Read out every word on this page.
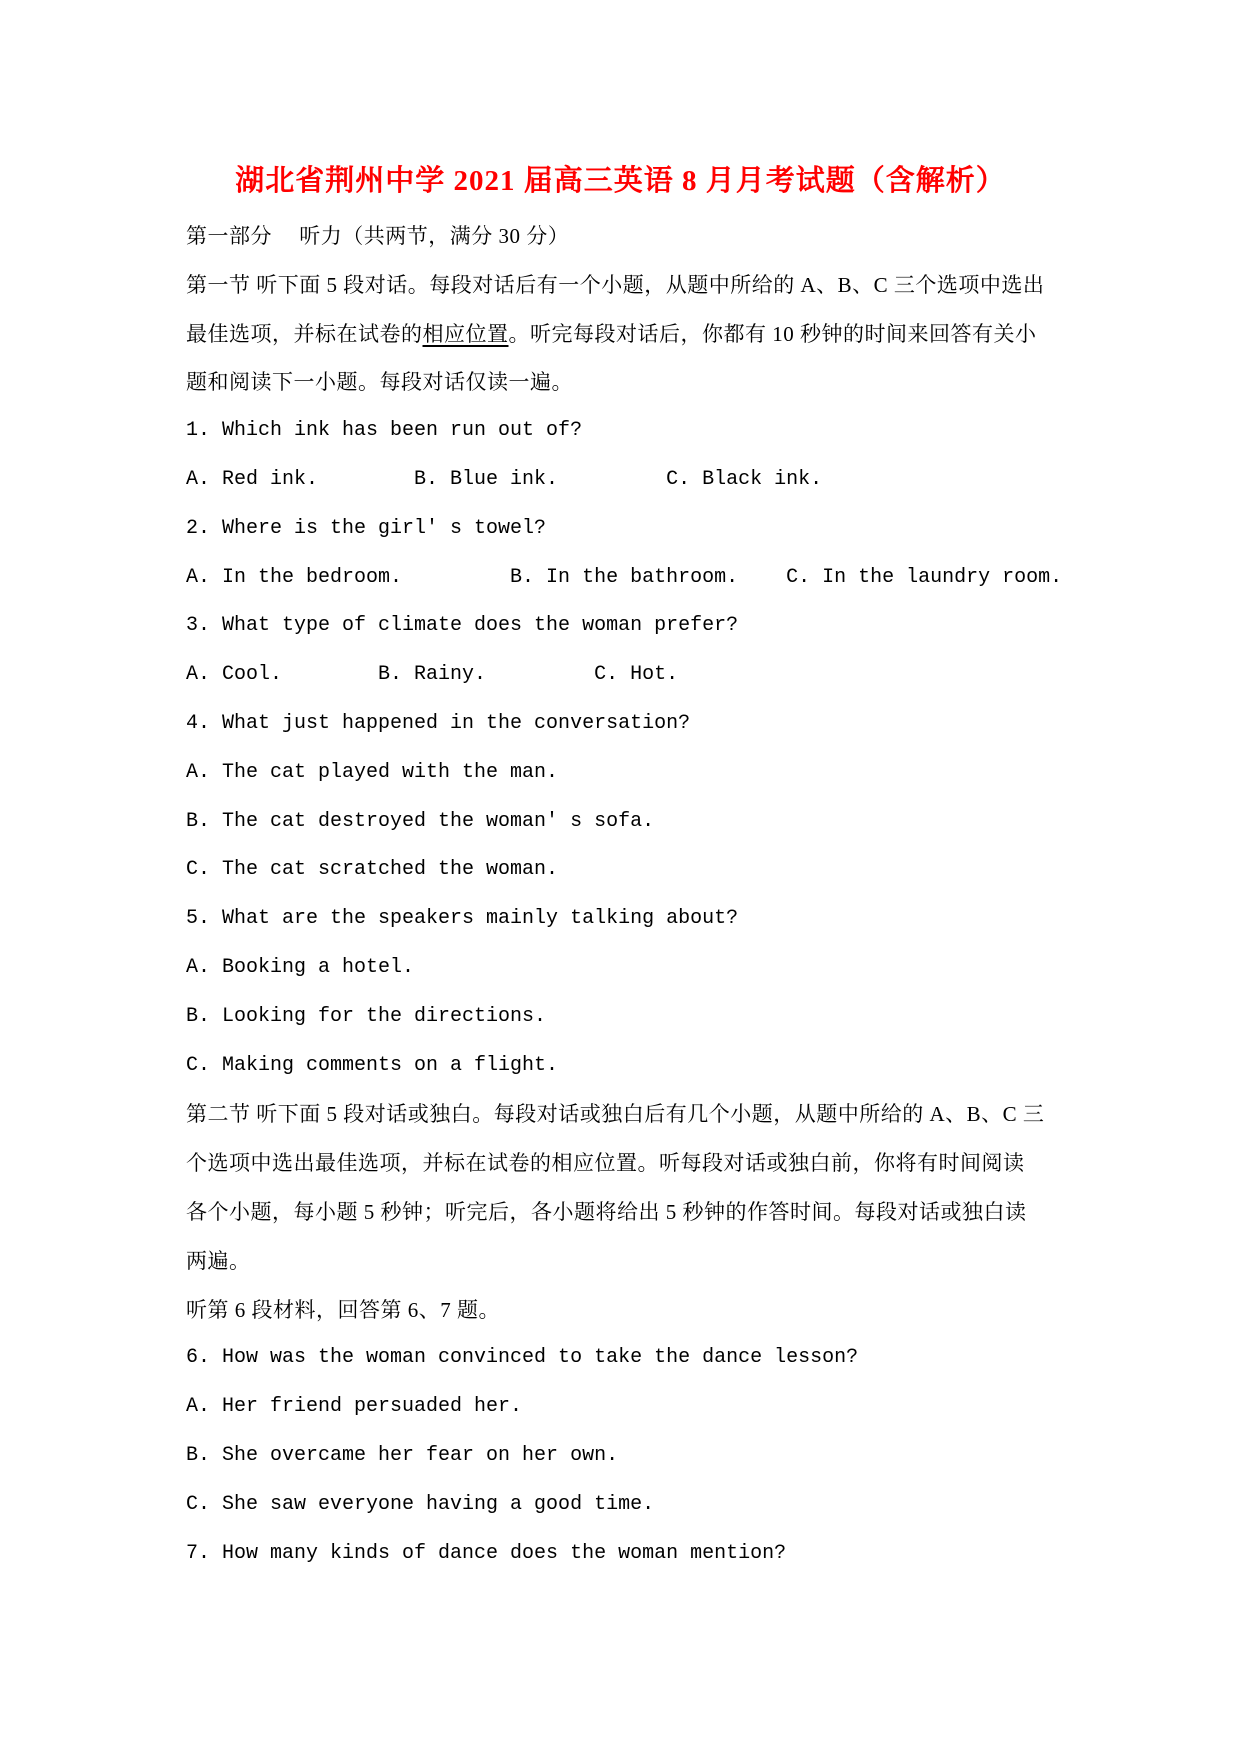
湖北省荆州中学 2021 届高三英语 8 月月考试题（含解析）

第一部分　 听力（共两节，满分 30 分）

第一节 听下面 5 段对话。每段对话后有一个小题，从题中所给的 A、B、C 三个选项中选出

最佳选项，并标在试卷的相应位置。听完每段对话后，你都有 10 秒钟的时间来回答有关小

题和阅读下一小题。每段对话仅读一遍。

1. Which ink has been run out of?

A. Red ink.        B. Blue ink.         C. Black ink.

2. Where is the girl' s towel?

A. In the bedroom.         B. In the bathroom.    C. In the laundry room.

3. What type of climate does the woman prefer?

A. Cool.        B. Rainy.         C. Hot.

4. What just happened in the conversation?

A. The cat played with the man.

B. The cat destroyed the woman' s sofa.

C. The cat scratched the woman.

5. What are the speakers mainly talking about?

A. Booking a hotel.

B. Looking for the directions.

C. Making comments on a flight.

第二节 听下面 5 段对话或独白。每段对话或独白后有几个小题，从题中所给的 A、B、C 三

个选项中选出最佳选项，并标在试卷的相应位置。听每段对话或独白前，你将有时间阅读

各个小题，每小题 5 秒钟；听完后，各小题将给出 5 秒钟的作答时间。每段对话或独白读

两遍。

听第 6 段材料，回答第 6、7 题。

6. How was the woman convinced to take the dance lesson?

A. Her friend persuaded her.

B. She overcame her fear on her own.

C. She saw everyone having a good time.

7. How many kinds of dance does the woman mention?
